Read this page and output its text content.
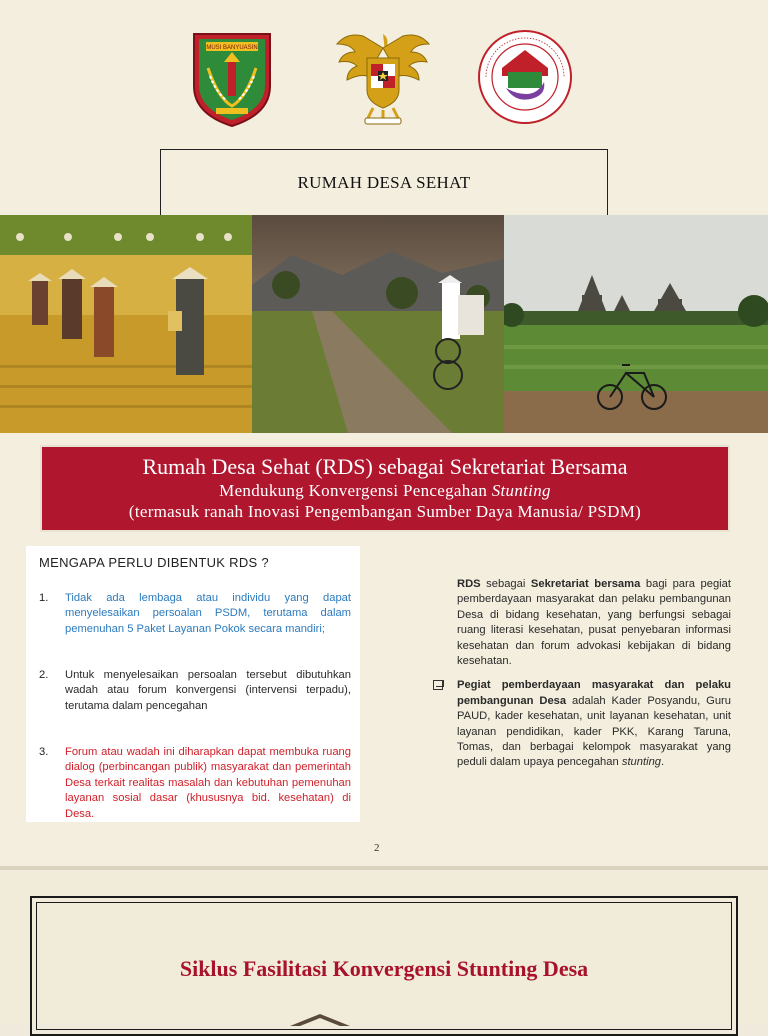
MUSI BANYUASIN
RUMAH DESA SEHAT
Rumah Desa Sehat (RDS) sebagai Sekretariat Bersama
Mendukung Konvergensi Pencegahan Stunting
(termasuk ranah Inovasi Pengembangan Sumber Daya Manusia/ PSDM)
MENGAPA PERLU DIBENTUK RDS ?
1.	Tidak ada lembaga atau individu yang dapat menyelesaikan persoalan PSDM, terutama dalam pemenuhan 5 Paket Layanan Pokok secara mandiri;
2.	Untuk menyelesaikan persoalan tersebut dibutuhkan wadah atau forum konvergensi (intervensi terpadu), terutama dalam pencegahan
3.	Forum atau wadah ini diharapkan dapat membuka ruang dialog (perbincangan publik) masyarakat dan pemerintah Desa terkait realitas masalah dan kebutuhan pemenuhan layanan sosial dasar (khususnya bid. kesehatan) di Desa.
RDS sebagai Sekretariat bersama bagi para pegiat pemberdayaan masyarakat dan pelaku pembangunan Desa di bidang kesehatan, yang berfungsi sebagai ruang literasi kesehatan, pusat penyebaran informasi kesehatan dan forum advokasi kebijakan di bidang kesehatan.
Pegiat pemberdayaan masyarakat dan pelaku pembangunan Desa adalah Kader Posyandu, Guru PAUD, kader kesehatan, unit layanan kesehatan, unit layanan pendidikan, kader PKK, Karang Taruna, Tomas, dan berbagai kelompok masyarakat yang peduli dalam upaya pencegahan stunting.
2
Siklus Fasilitasi Konvergensi Stunting Desa
